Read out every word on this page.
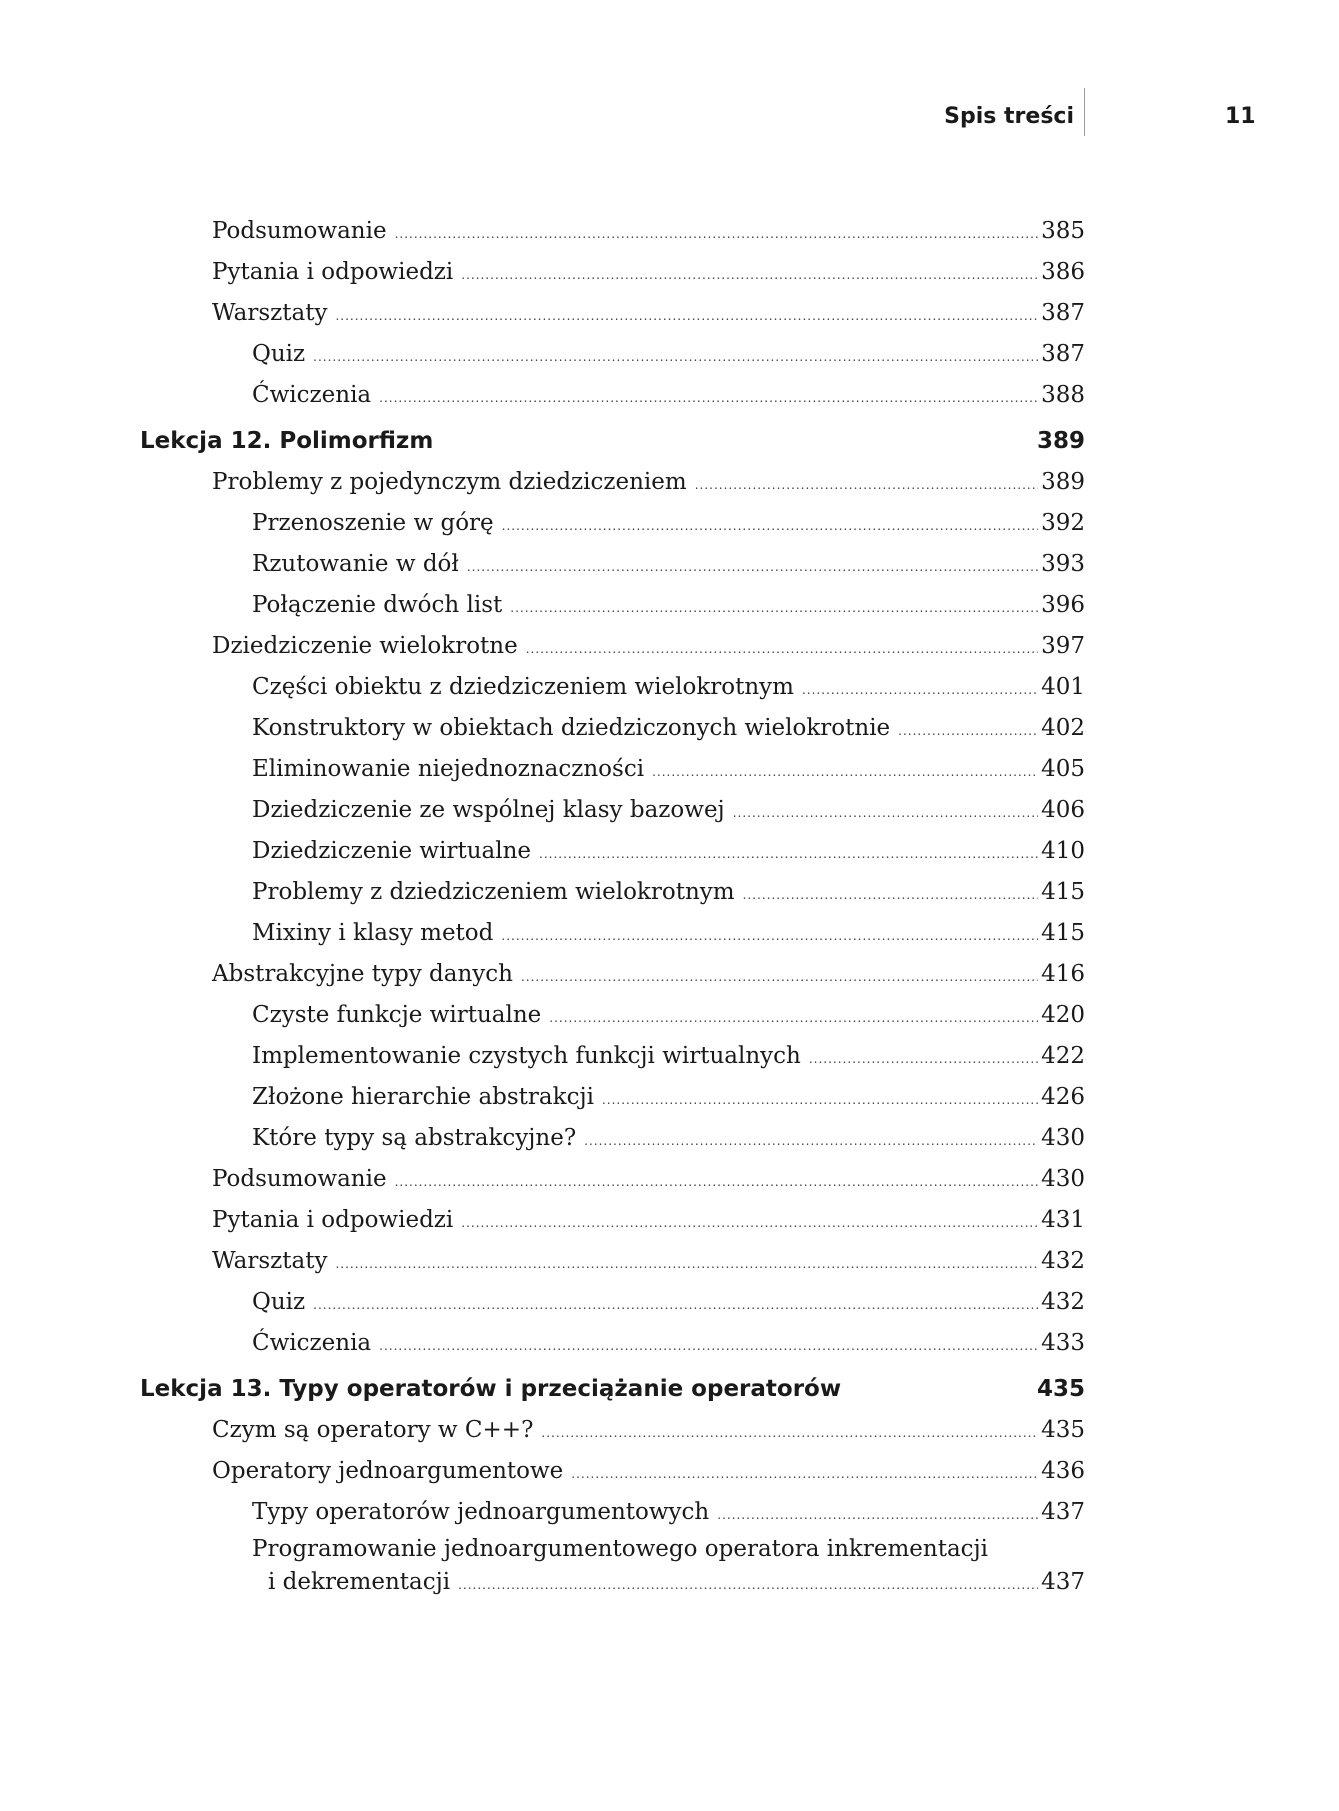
Spis treści	11
Podsumowanie .....	385
Pytania i odpowiedzi .....	386
Warsztaty .....	387
Quiz .....	387
Ćwiczenia .....	388
Lekcja 12. Polimorfizm	389
Problemy z pojedynczym dziedziczeniem .....	389
Przenoszenie w górę .....	392
Rzutowanie w dół .....	393
Połączenie dwóch list .....	396
Dziedziczenie wielokrotne .....	397
Części obiektu z dziedziczeniem wielokrotnym .....	401
Konstruktory w obiektach dziedziczonych wielokrotnie .....	402
Eliminowanie niejednoznaczności .....	405
Dziedziczenie ze wspólnej klasy bazowej .....	406
Dziedziczenie wirtualne .....	410
Problemy z dziedziczeniem wielokrotnym .....	415
Mixiny i klasy metod .....	415
Abstrakcyjne typy danych .....	416
Czyste funkcje wirtualne .....	420
Implementowanie czystych funkcji wirtualnych .....	422
Złożone hierarchie abstrakcji .....	426
Które typy są abstrakcyjne? .....	430
Podsumowanie .....	430
Pytania i odpowiedzi .....	431
Warsztaty .....	432
Quiz .....	432
Ćwiczenia .....	433
Lekcja 13. Typy operatorów i przeciążanie operatorów	435
Czym są operatory w C++? .....	435
Operatory jednoargumentowe .....	436
Typy operatorów jednoargumentowych .....	437
Programowanie jednoargumentowego operatora inkrementacji
i dekrementacji .....	437
